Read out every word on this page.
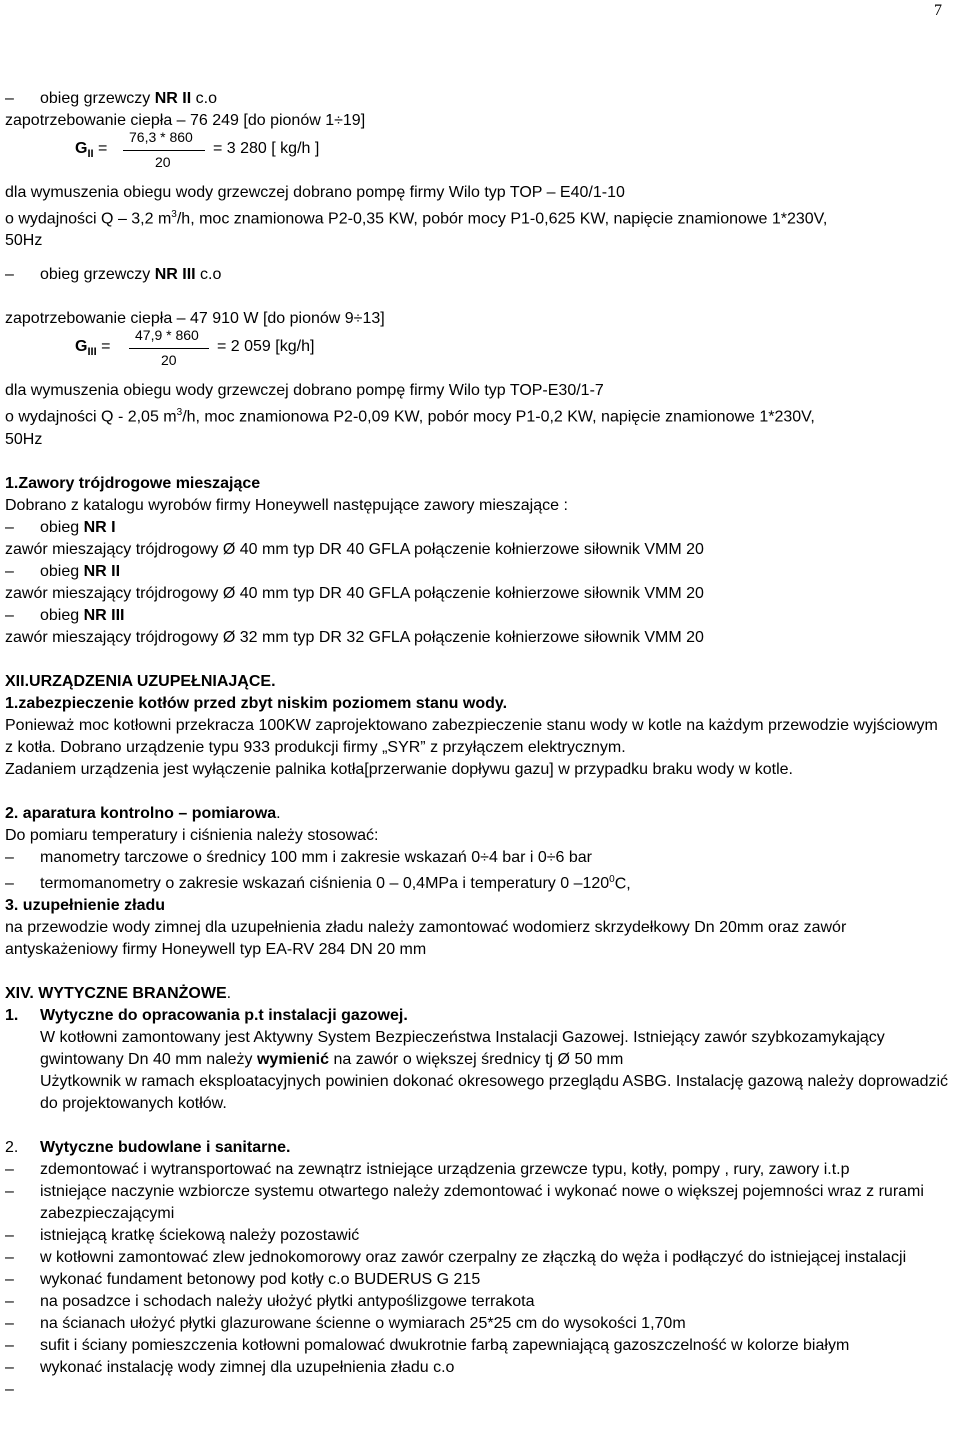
7

–obieg grzewczy NR II c.o

zapotrzebowanie ciepła – 76 249 [do pionów 1÷19]

$G_{II}$ =
76,3 * 860
20
= 3 280 [ kg/h ]

dla wymuszenia obiegu wody grzewczej dobrano pompę firmy Wilo typ TOP – E40/1-10

o wydajności Q – 3,2 $m^3/h$, moc znamionowa P2-0,35 KW, pobór mocy P1-0,625 KW, napięcie znamionowe 1*230V,

50Hz

–obieg grzewczy NR III c.o

zapotrzebowanie ciepła – 47 910 W [do pionów 9÷13]

$G_{III}$ =
47,9 * 860
20
= 2 059 [kg/h]

dla wymuszenia obiegu wody grzewczej dobrano pompę firmy Wilo typ TOP-E30/1-7

o wydajności Q - 2,05 $m^3/h$, moc znamionowa P2-0,09 KW, pobór mocy P1-0,2 KW, napięcie znamionowe 1*230V,

50Hz

1.Zawory trójdrogowe mieszające

Dobrano z katalogu wyrobów firmy Honeywell następujące zawory mieszające :

–obieg NR I

zawór mieszający trójdrogowy Ø 40 mm typ DR 40 GFLA połączenie kołnierzowe siłownik VMM 20

–obieg NR II

zawór mieszający trójdrogowy Ø 40 mm typ DR 40 GFLA połączenie kołnierzowe siłownik VMM 20

–obieg NR III

zawór mieszający trójdrogowy Ø 32 mm typ DR 32 GFLA połączenie kołnierzowe siłownik VMM 20

XII.URZĄDZENIA UZUPEŁNIAJĄCE.

1.zabezpieczenie kotłów przed zbyt niskim poziomem stanu wody.

Ponieważ moc kotłowni przekracza 100KW zaprojektowano zabezpieczenie stanu wody w kotle na każdym przewodzie wyjściowym z kotła. Dobrano urządzenie typu 933 produkcji firmy „SYR” z przyłączem elektrycznym.

Zadaniem urządzenia jest wyłączenie palnika kotła[przerwanie dopływu gazu] w przypadku braku wody w kotle.

2. aparatura kontrolno – pomiarowa.

Do pomiaru temperatury i ciśnienia należy stosować:

–manometry tarczowe o średnicy 100 mm i zakresie wskazań 0÷4 bar i 0÷6 bar

–termomanometry o zakresie wskazań ciśnienia 0 – 0,4MPa i temperatury 0 $-120^0C$,

3. uzupełnienie zładu

na przewodzie wody zimnej dla uzupełnienia zładu należy zamontować wodomierz skrzydełkowy Dn 20mm oraz zawór antyskażeniowy firmy Honeywell typ EA-RV 284 DN 20 mm

XIV. WYTYCZNE BRANŻOWE.

1. Wytyczne do opracowania p.t instalacji gazowej.

W kotłowni zamontowany jest Aktywny System Bezpieczeństwa Instalacji Gazowej. Istniejący zawór szybkozamykający gwintowany Dn 40 mm należy wymienić na zawór o większej średnicy tj Ø 50 mm

Użytkownik w ramach eksploatacyjnych powinien dokonać okresowego przeglądu ASBG. Instalację gazową należy doprowadzić do projektowanych kotłów.

2. Wytyczne budowlane i sanitarne.

–
zdemontować i wytransportować na zewnątrz istniejące urządzenia grzewcze typu, kotły, pompy , rury, zawory i.t.p
–
istniejące naczynie wzbiorcze systemu otwartego należy zdemontować i wykonać nowe o większej pojemności wraz z rurami zabezpieczającymi
–
istniejącą kratkę ściekową należy pozostawić
–
w kotłowni zamontować zlew jednokomorowy oraz zawór czerpalny ze złączką do węża i podłączyć do istniejącej instalacji
–
wykonać fundament betonowy pod kotły c.o BUDERUS G 215
–
na posadzce i schodach należy ułożyć płytki antypoślizgowe terrakota
–
na ścianach ułożyć płytki glazurowane ścienne o wymiarach 25*25 cm do wysokości 1,70m
–
sufit i ściany pomieszczenia kotłowni pomalować dwukrotnie farbą zapewniającą gazoszczelność w kolorze białym
–
wykonać instalację wody zimnej dla uzupełnienia zładu c.o
–
